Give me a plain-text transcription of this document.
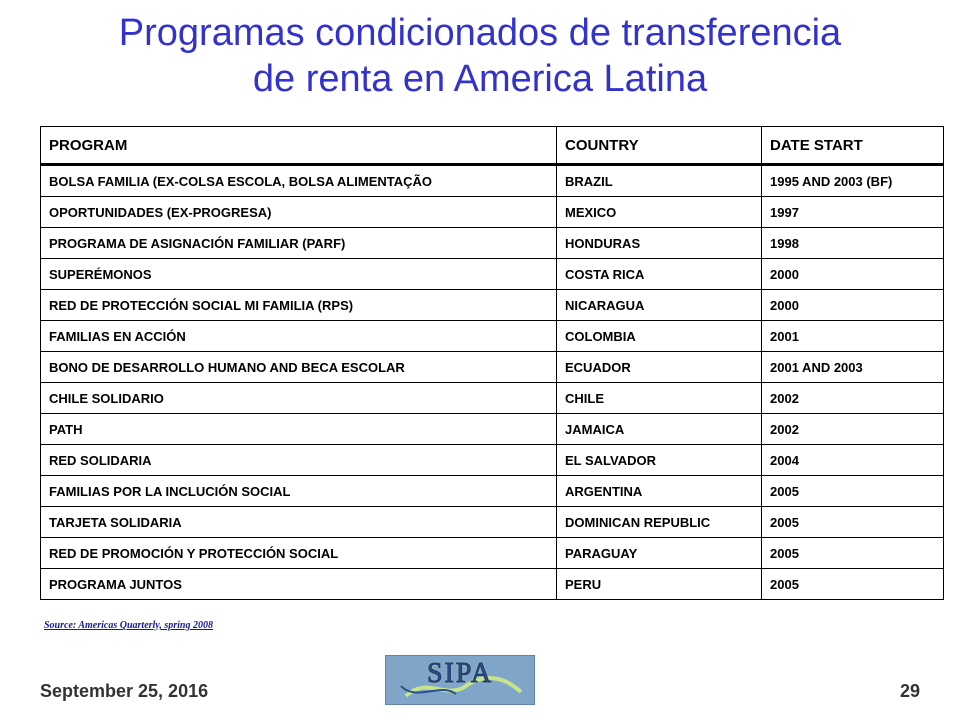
Programas condicionados de transferencia
de renta en America Latina
PROGRAM	COUNTRY	DATE START
BOLSA FAMILIA (EX-COLSA ESCOLA, BOLSA ALIMENTAÇÃO	BRAZIL	1995 AND 2003 (BF)
OPORTUNIDADES (EX-PROGRESA)	MEXICO	1997
PROGRAMA DE ASIGNACIÓN FAMILIAR (PARF)	HONDURAS	1998
SUPERÉMONOS	COSTA RICA	2000
RED DE PROTECCIÓN SOCIAL MI FAMILIA (RPS)	NICARAGUA	2000
FAMILIAS EN ACCIÓN	COLOMBIA	2001
BONO DE DESARROLLO HUMANO AND BECA ESCOLAR	ECUADOR	2001 AND 2003
CHILE SOLIDARIO	CHILE	2002
PATH	JAMAICA	2002
RED SOLIDARIA	EL SALVADOR	2004
FAMILIAS POR LA INCLUCIÓN SOCIAL	ARGENTINA	2005
TARJETA SOLIDARIA	DOMINICAN REPUBLIC	2005
RED DE PROMOCIÓN Y PROTECCIÓN SOCIAL	PARAGUAY	2005
PROGRAMA JUNTOS	PERU	2005
Source: Americas Quarterly, spring 2008
September 25, 2016
SIPA
29
